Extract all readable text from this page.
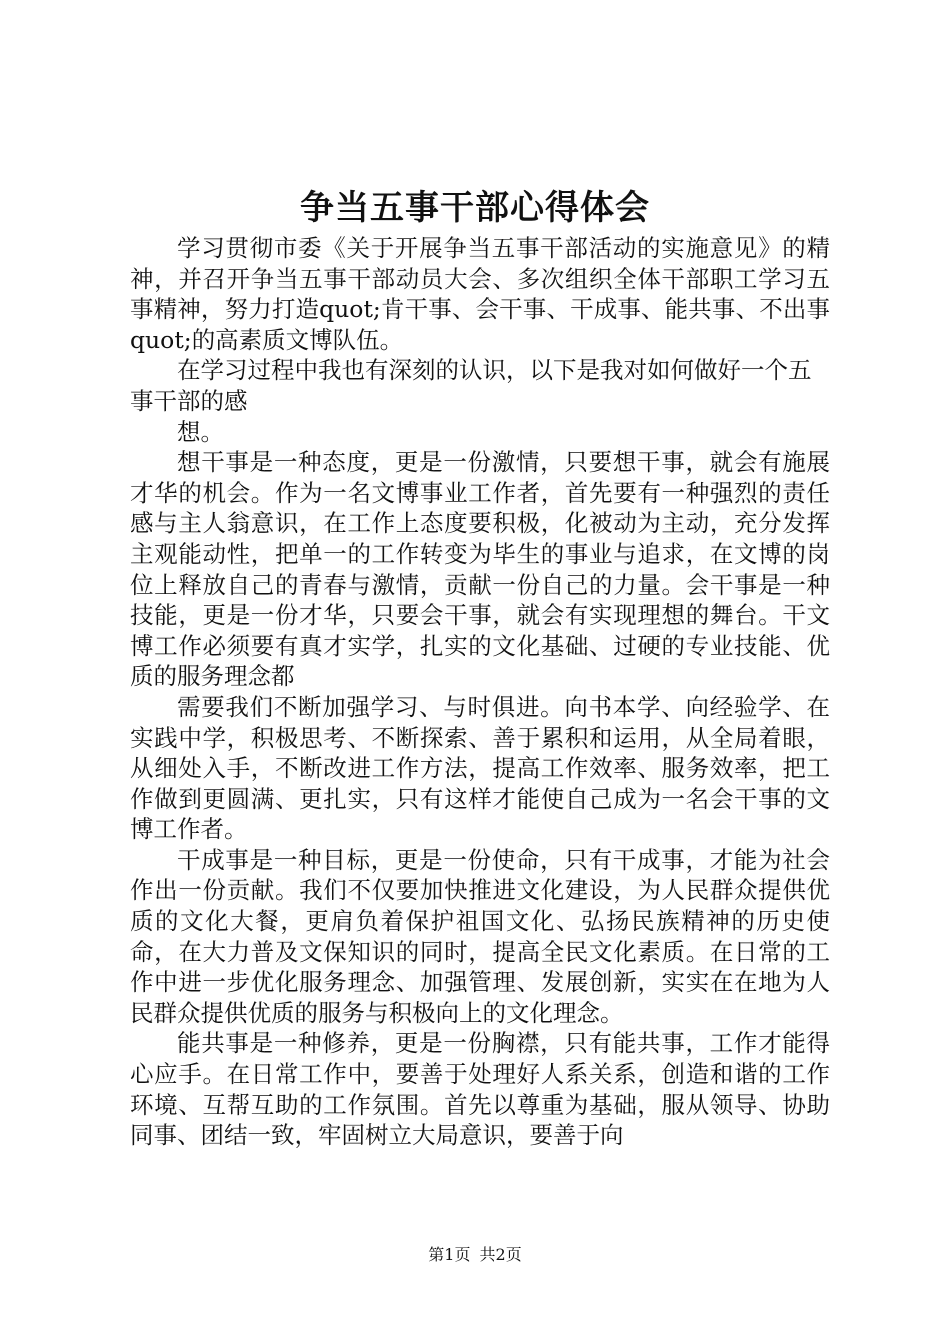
争当五事干部心得体会

学习贯彻市委《关于开展争当五事干部活动的实施意见》的精神，并召开争当五事干部动员大会、多次组织全体干部职工学习五事精神，努力打造quot;肯干事、会干事、干成事、能共事、不出事quot;的高素质文博队伍。

在学习过程中我也有深刻的认识，以下是我对如何做好一个五事干部的感

想。

想干事是一种态度，更是一份激情，只要想干事，就会有施展才华的机会。作为一名文博事业工作者，首先要有一种强烈的责任感与主人翁意识，在工作上态度要积极，化被动为主动，充分发挥主观能动性，把单一的工作转变为毕生的事业与追求，在文博的岗位上释放自己的青春与激情，贡献一份自己的力量。会干事是一种技能，更是一份才华，只要会干事，就会有实现理想的舞台。干文博工作必须要有真才实学，扎实的文化基础、过硬的专业技能、优质的服务理念都

需要我们不断加强学习、与时俱进。向书本学、向经验学、在实践中学，积极思考、不断探索、善于累积和运用，从全局着眼，从细处入手，不断改进工作方法，提高工作效率、服务效率，把工作做到更圆满、更扎实，只有这样才能使自己成为一名会干事的文博工作者。

干成事是一种目标，更是一份使命，只有干成事，才能为社会作出一份贡献。我们不仅要加快推进文化建设，为人民群众提供优质的文化大餐，更肩负着保护祖国文化、弘扬民族精神的历史使命，在大力普及文保知识的同时，提高全民文化素质。在日常的工作中进一步优化服务理念、加强管理、发展创新，实实在在地为人民群众提供优质的服务与积极向上的文化理念。

能共事是一种修养，更是一份胸襟，只有能共事，工作才能得心应手。在日常工作中，要善于处理好人系关系，创造和谐的工作环境、互帮互助的工作氛围。首先以尊重为基础，服从领导、协助同事、团结一致，牢固树立大局意识，要善于向

第1页 共2页
